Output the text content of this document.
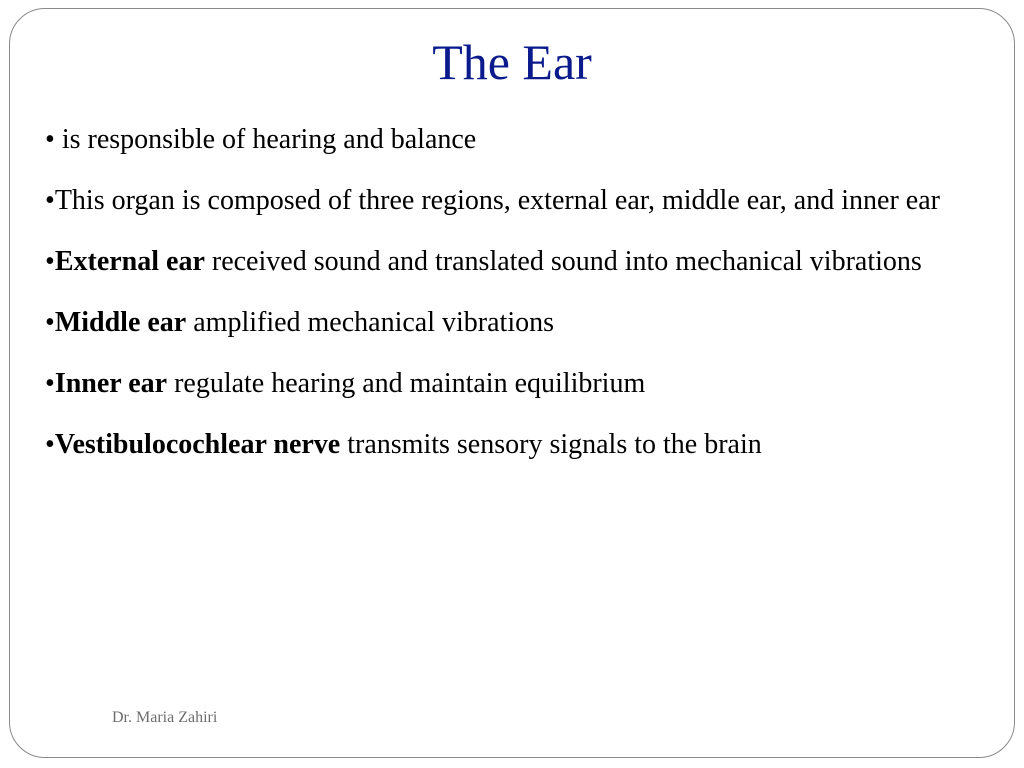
The Ear
• is responsible of hearing and balance
•This organ is composed of three regions, external ear, middle ear, and inner ear
•External ear received sound and translated sound into mechanical vibrations
•Middle ear amplified mechanical vibrations
•Inner ear regulate hearing and maintain equilibrium
•Vestibulocochlear nerve transmits sensory signals to the brain
Dr. Maria Zahiri
